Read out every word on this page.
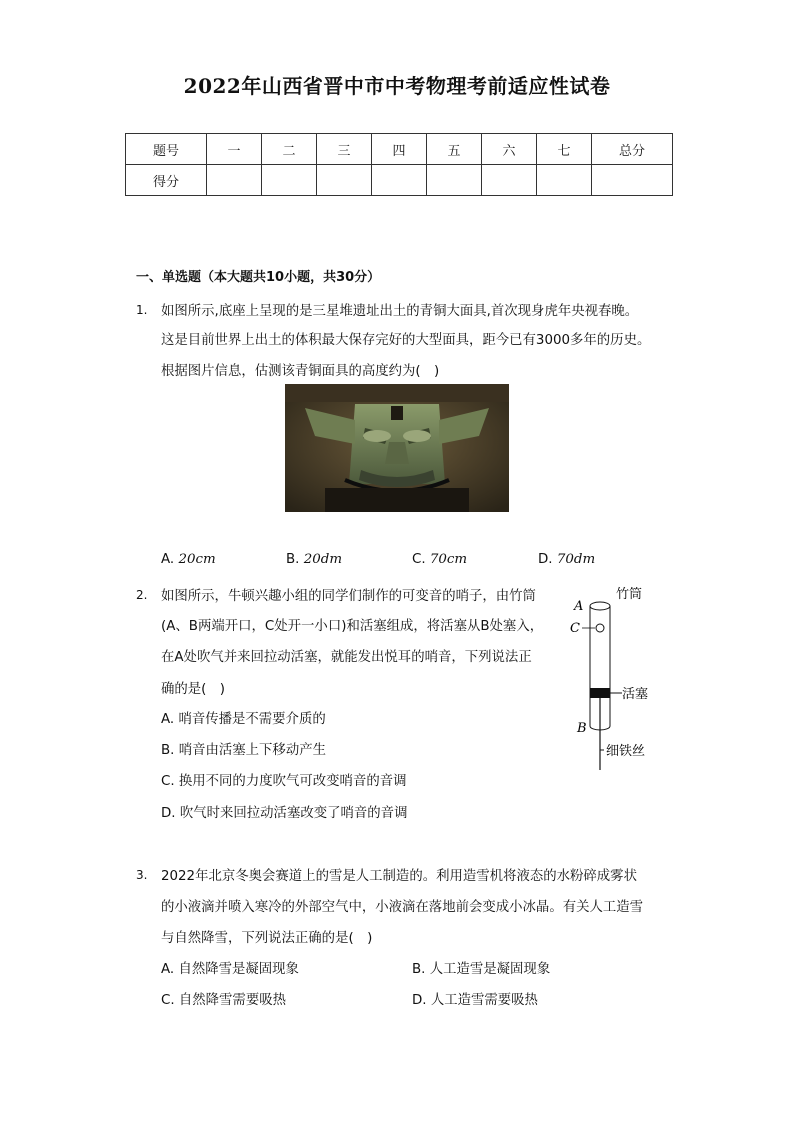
2022年山西省晋中市中考物理考前适应性试卷
题号	一	二	三	四	五	六	七	总分
得分								
一、单选题（本大题共10小题，共30分）
1. 如图所示,底座上呈现的是三星堆遗址出土的青铜大面具,首次现身虎年央视春晚。
这是目前世界上出土的体积最大保存完好的大型面具，距今已有3000多年的历史。
根据图片信息，估测该青铜面具的高度约为(　)
A. 20cm	B. 20dm	C. 70cm	D. 70dm
2. 如图所示，牛顿兴趣小组的同学们制作的可变音的哨子，由竹筒
(A、B两端开口，C处开一小口)和活塞组成，将活塞从B处塞入，
在A处吹气并来回拉动活塞，就能发出悦耳的哨音，下列说法正
确的是(　)
A. 哨音传播是不需要介质的
B. 哨音由活塞上下移动产生
C. 换用不同的力度吹气可改变哨音的音调
D. 吹气时来回拉动活塞改变了哨音的音调
竹筒
A
C
活塞
B
细铁丝
3. 2022年北京冬奥会赛道上的雪是人工制造的。利用造雪机将液态的水粉碎成雾状
的小液滴并喷入寒冷的外部空气中，小液滴在落地前会变成小冰晶。有关人工造雪
与自然降雪，下列说法正确的是(　)
A. 自然降雪是凝固现象	B. 人工造雪是凝固现象
C. 自然降雪需要吸热	D. 人工造雪需要吸热
